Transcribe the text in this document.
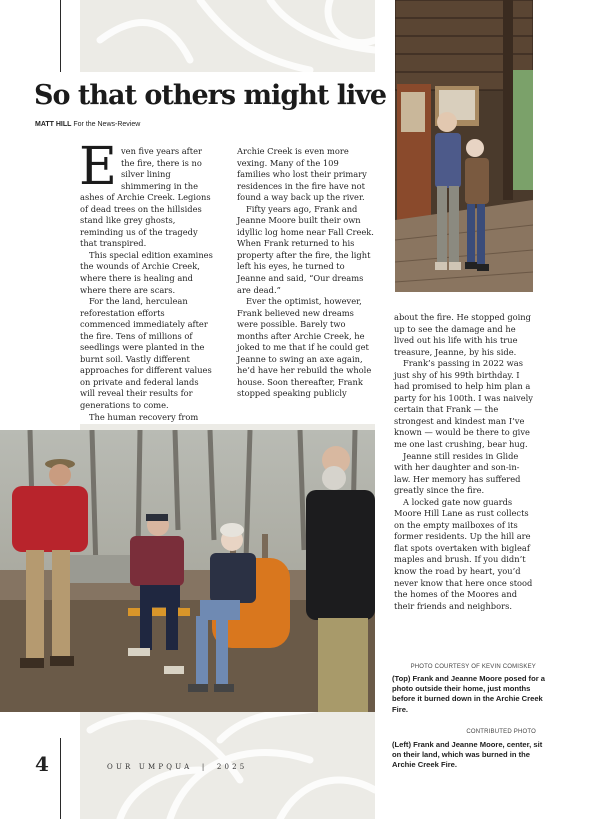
So that others might live
MATT HILL For the News-Review
E ven five years after the fire, there is no silver lining shimmering in the ashes of Archie Creek. Legions of dead trees on the hillsides stand like grey ghosts, reminding us of the tragedy that transpired.

This special edition examines the wounds of Archie Creek, where there is healing and where there are scars.

For the land, herculean reforestation efforts commenced immediately after the fire. Tens of millions of seedlings were planted in the burnt soil. Vastly different approaches for different values on private and federal lands will reveal their results for generations to come.

The human recovery from

Archie Creek is even more vexing. Many of the 109 families who lost their primary residences in the fire have not found a way back up the river.

Fifty years ago, Frank and Jeanne Moore built their own idyllic log home near Fall Creek. When Frank returned to his property after the fire, the light left his eyes, he turned to Jeanne and said, “Our dreams are dead.”

Ever the optimist, however, Frank believed new dreams were possible. Barely two months after Archie Creek, he joked to me that if he could get Jeanne to swing an axe again, he’d have her rebuild the whole house. Soon thereafter, Frank stopped speaking publicly

about the fire. He stopped going up to see the damage and he lived out his life with his true treasure, Jeanne, by his side.

Frank’s passing in 2022 was just shy of his 99th birthday. I had promised to help him plan a party for his 100th. I was naively certain that Frank — the strongest and kindest man I’ve known — would be there to give me one last crushing, bear hug.

Jeanne still resides in Glide with her daughter and son-in-law. Her memory has suffered greatly since the fire.

A locked gate now guards Moore Hill Lane as rust collects on the empty mailboxes of its former residents. Up the hill are flat spots overtaken with bigleaf maples and brush. If you didn’t know the road by heart, you’d never know that here once stood the homes of the Moores and their friends and neighbors.

PHOTO COURTESY OF KEVIN COMISKEY
(Top) Frank and Jeanne Moore posed for a photo outside their home, just months before it burned down in the Archie Creek Fire.
CONTRIBUTED PHOTO
(Left) Frank and Jeanne Moore, center, sit on their land, which was burned in the Archie Creek Fire.
4	OUR UMPQUA | 2025
